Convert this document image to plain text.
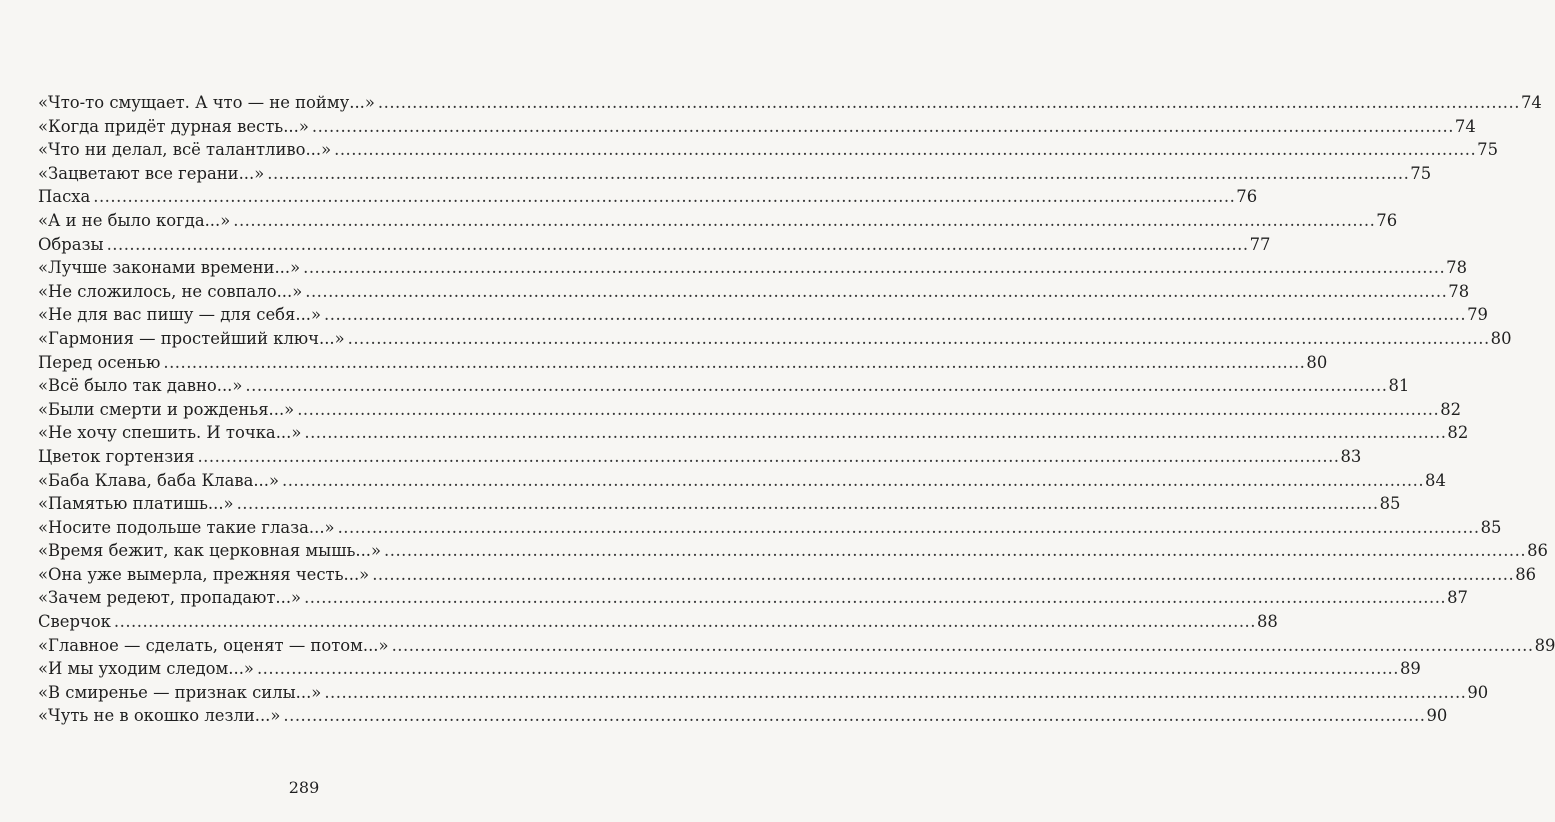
«Что-то смущает. А что — не пойму...» ........................................................................................................................................................................................................ 74
«Когда придёт дурная весть...» ........................................................................................................................................................................................................ 74
«Что ни делал, всё талантливо...» ........................................................................................................................................................................................................ 75
«Зацветают все герани...» ........................................................................................................................................................................................................ 75
Пасха ........................................................................................................................................................................................................ 76
«А и не было когда...» ........................................................................................................................................................................................................ 76
Образы ........................................................................................................................................................................................................ 77
«Лучше законами времени...» ........................................................................................................................................................................................................ 78
«Не сложилось, не совпало...» ........................................................................................................................................................................................................ 78
«Не для вас пишу — для себя...» ........................................................................................................................................................................................................ 79
«Гармония — простейший ключ...» ........................................................................................................................................................................................................ 80
Перед осенью ........................................................................................................................................................................................................ 80
«Всё было так давно...» ........................................................................................................................................................................................................ 81
«Были смерти и рожденья...» ........................................................................................................................................................................................................ 82
«Не хочу спешить. И точка...» ........................................................................................................................................................................................................ 82
Цветок гортензия ........................................................................................................................................................................................................ 83
«Баба Клава, баба Клава...» ........................................................................................................................................................................................................ 84
«Памятью платишь...» ........................................................................................................................................................................................................ 85
«Носите подольше такие глаза...» ........................................................................................................................................................................................................ 85
«Время бежит, как церковная мышь...» ........................................................................................................................................................................................................ 86
«Она уже вымерла, прежняя честь...» ........................................................................................................................................................................................................ 86
«Зачем редеют, пропадают...» ........................................................................................................................................................................................................ 87
Сверчок ........................................................................................................................................................................................................ 88
«Главное — сделать, оценят — потом...» ........................................................................................................................................................................................................ 89
«И мы уходим следом...» ........................................................................................................................................................................................................ 89
«В смиренье — признак силы...» ........................................................................................................................................................................................................ 90
«Чуть не в окошко лезли...» ........................................................................................................................................................................................................ 90
289
